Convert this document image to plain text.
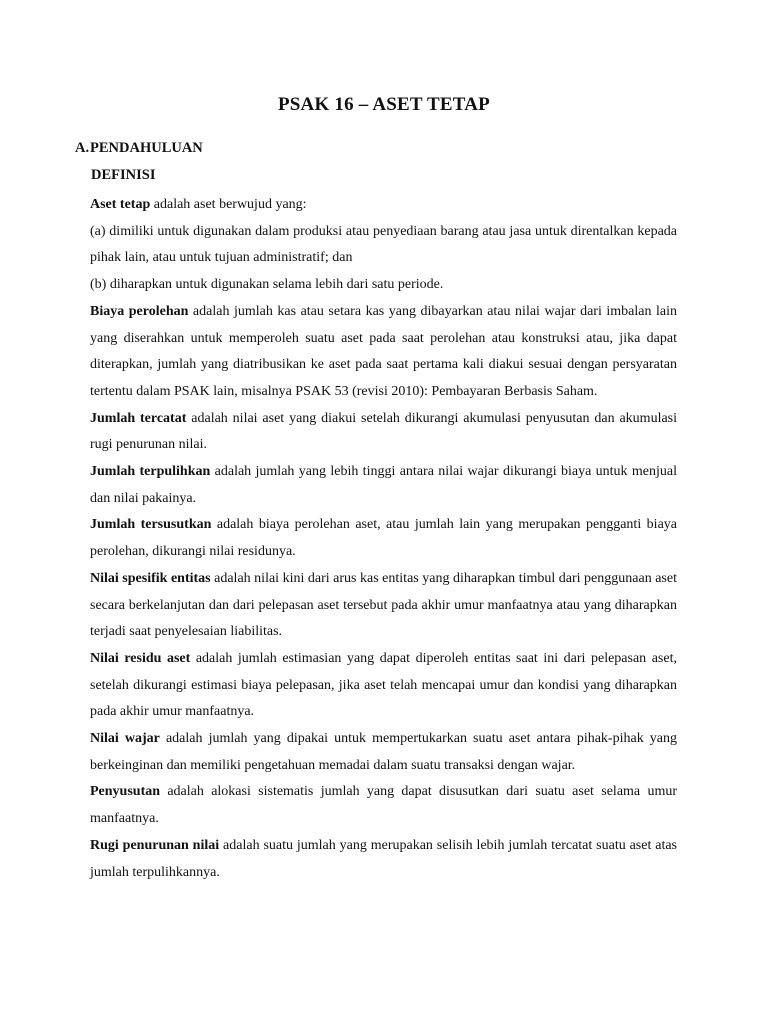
PSAK 16 – ASET TETAP
A.PENDAHULUAN
DEFINISI

Aset tetap adalah aset berwujud yang:

(a) dimiliki untuk digunakan dalam produksi atau penyediaan barang atau jasa untuk direntalkan kepada pihak lain, atau untuk tujuan administratif; dan

(b) diharapkan untuk digunakan selama lebih dari satu periode.

Biaya perolehan adalah jumlah kas atau setara kas yang dibayarkan atau nilai wajar dari imbalan lain yang diserahkan untuk memperoleh suatu aset pada saat perolehan atau konstruksi atau, jika dapat diterapkan, jumlah yang diatribusikan ke aset pada saat pertama kali diakui sesuai dengan persyaratan tertentu dalam PSAK lain, misalnya PSAK 53 (revisi 2010): Pembayaran Berbasis Saham.

Jumlah tercatat adalah nilai aset yang diakui setelah dikurangi akumulasi penyusutan dan akumulasi rugi penurunan nilai.

Jumlah terpulihkan adalah jumlah yang lebih tinggi antara nilai wajar dikurangi biaya untuk menjual dan nilai pakainya.

Jumlah tersusutkan adalah biaya perolehan aset, atau jumlah lain yang merupakan pengganti biaya perolehan, dikurangi nilai residunya.

Nilai spesifik entitas adalah nilai kini dari arus kas entitas yang diharapkan timbul dari penggunaan aset secara berkelanjutan dan dari pelepasan aset tersebut pada akhir umur manfaatnya atau yang diharapkan terjadi saat penyelesaian liabilitas.

Nilai residu aset adalah jumlah estimasian yang dapat diperoleh entitas saat ini dari pelepasan aset, setelah dikurangi estimasi biaya pelepasan, jika aset telah mencapai umur dan kondisi yang diharapkan pada akhir umur manfaatnya.

Nilai wajar adalah jumlah yang dipakai untuk mempertukarkan suatu aset antara pihak-pihak yang berkeinginan dan memiliki pengetahuan memadai dalam suatu transaksi dengan wajar.

Penyusutan adalah alokasi sistematis jumlah yang dapat disusutkan dari suatu aset selama umur manfaatnya.

Rugi penurunan nilai adalah suatu jumlah yang merupakan selisih lebih jumlah tercatat suatu aset atas jumlah terpulihkannya.
